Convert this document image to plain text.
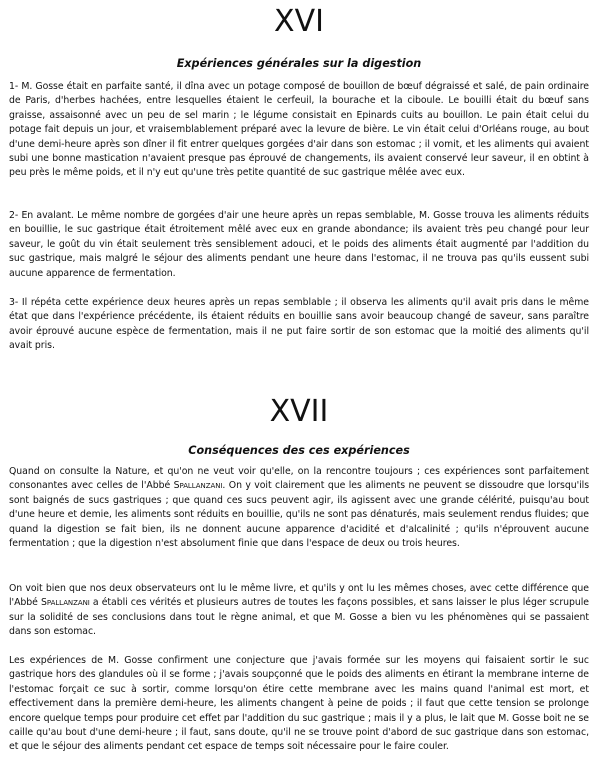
XVI
Expériences générales sur la digestion

1- M. Gosse était en parfaite santé, il dîna avec un potage composé de bouillon de bœuf dégraissé et salé, de pain ordinaire de Paris, d'herbes hachées, entre lesquelles étaient le cerfeuil, la bourache et la ciboule. Le bouilli était du bœuf sans graisse, assaisonné avec un peu de sel marin ; le légume consistait en Epinards cuits au bouillon. Le pain était celui du potage fait depuis un jour, et vraisemblablement préparé avec la levure de bière. Le vin était celui d'Orléans rouge, au bout d'une demi-heure après son dîner il fit entrer quelques gorgées d'air dans son estomac ; il vomit, et les aliments qui avaient subi une bonne mastication n'avaient presque pas éprouvé de changements, ils avaient conservé leur saveur, il en obtint à peu près le même poids, et il n'y eut qu'une très petite quantité de suc gastrique mêlée avec eux.

2- En avalant. Le même nombre de gorgées d'air une heure après un repas semblable, M. Gosse trouva les aliments réduits en bouillie, le suc gastrique était étroitement mêlé avec eux en grande abondance; ils avaient très peu changé pour leur saveur, le goût du vin était seulement très sensiblement adouci, et le poids des aliments était augmenté par l'addition du suc gastrique, mais malgré le séjour des aliments pendant une heure dans l'estomac, il ne trouva pas qu'ils eussent subi aucune apparence de fermentation.

3- Il répéta cette expérience deux heures après un repas semblable ; il observa les aliments qu'il avait pris dans le même état que dans l'expérience précédente, ils étaient réduits en bouillie sans avoir beaucoup changé de saveur, sans paraître avoir éprouvé aucune espèce de fermentation, mais il ne put faire sortir de son estomac que la moitié des aliments qu'il avait pris.

XVII
Conséquences des ces expériences

Quand on consulte la Nature, et qu'on ne veut voir qu'elle, on la rencontre toujours ; ces expériences sont parfaitement consonantes avec celles de l'Abbé Spallanzani. On y voit clairement que les aliments ne peuvent se dissoudre que lorsqu'ils sont baignés de sucs gastriques ; que quand ces sucs peuvent agir, ils agissent avec une grande célérité, puisqu'au bout d'une heure et demie, les aliments sont réduits en bouillie, qu'ils ne sont pas dénaturés, mais seulement rendus fluides; que quand la digestion se fait bien, ils ne donnent aucune apparence d'acidité et d'alcalinité ; qu'ils n'éprouvent aucune fermentation ; que la digestion n'est absolument finie que dans l'espace de deux ou trois heures.

On voit bien que nos deux observateurs ont lu le même livre, et qu'ils y ont lu les mêmes choses, avec cette différence que l'Abbé Spallanzani a établi ces vérités et plusieurs autres de toutes les façons possibles, et sans laisser le plus léger scrupule sur la solidité de ses conclusions dans tout le règne animal, et que M. Gosse a bien vu les phénomènes qui se passaient dans son estomac.

Les expériences de M. Gosse confirment une conjecture que j'avais formée sur les moyens qui faisaient sortir le suc gastrique hors des glandules où il se forme ; j'avais soupçonné que le poids des aliments en étirant la membrane interne de l'estomac forçait ce suc à sortir, comme lorsqu'on étire cette membrane avec les mains quand l'animal est mort, et effectivement dans la première demi-heure, les aliments changent à peine de poids ; il faut que cette tension se prolonge encore quelque temps pour produire cet effet par l'addition du suc gastrique ; mais il y a plus, le lait que M. Gosse boit ne se caille qu'au bout d'une demi-heure ; il faut, sans doute, qu'il ne se trouve point d'abord de suc gastrique dans son estomac, et que le séjour des aliments pendant cet espace de temps soit nécessaire pour le faire couler.
